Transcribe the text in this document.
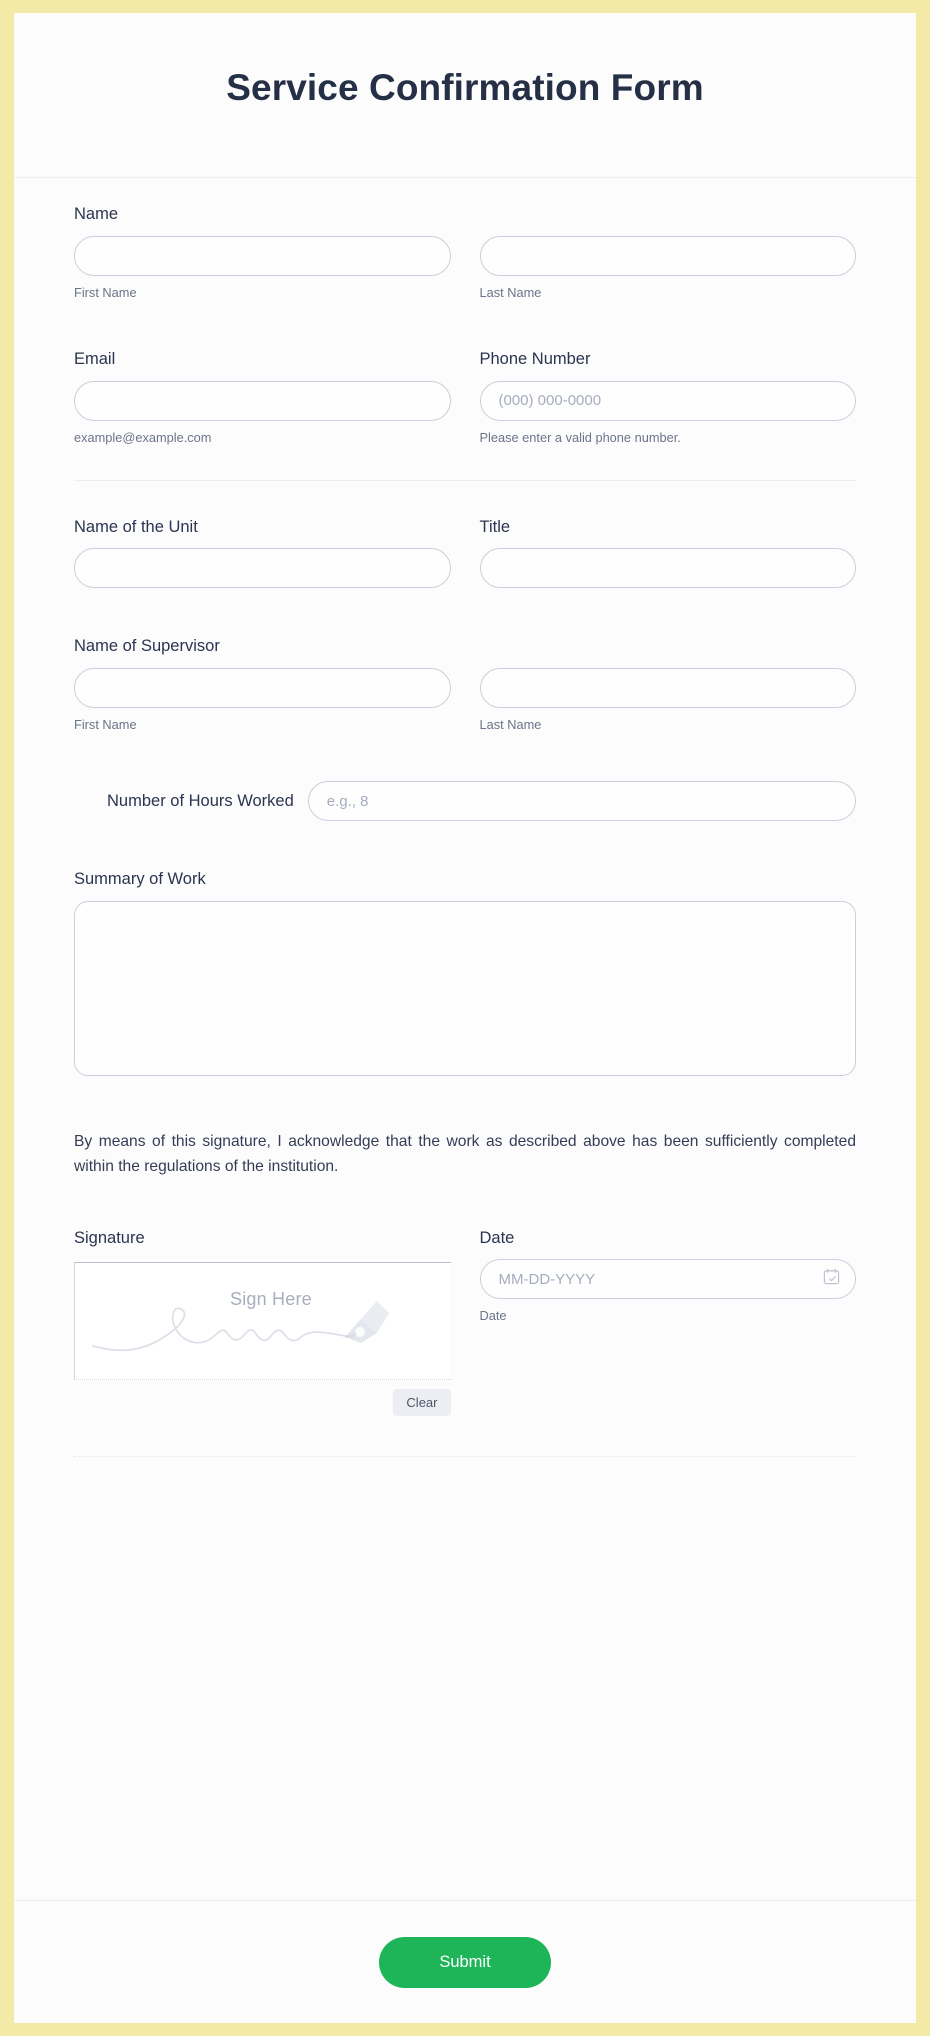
Service Confirmation Form
Name
First Name	Last Name
Email
example@example.com
Phone Number
(000) 000-0000
Please enter a valid phone number.
Name of the Unit	Title
Name of Supervisor
First Name	Last Name
Number of Hours Worked
e.g., 8
Summary of Work

By means of this signature, I acknowledge that the work as described above has been sufficiently completed within the regulations of the institution.

Signature
Sign Here
Clear
Date
MM-DD-YYYY
Date
Submit
